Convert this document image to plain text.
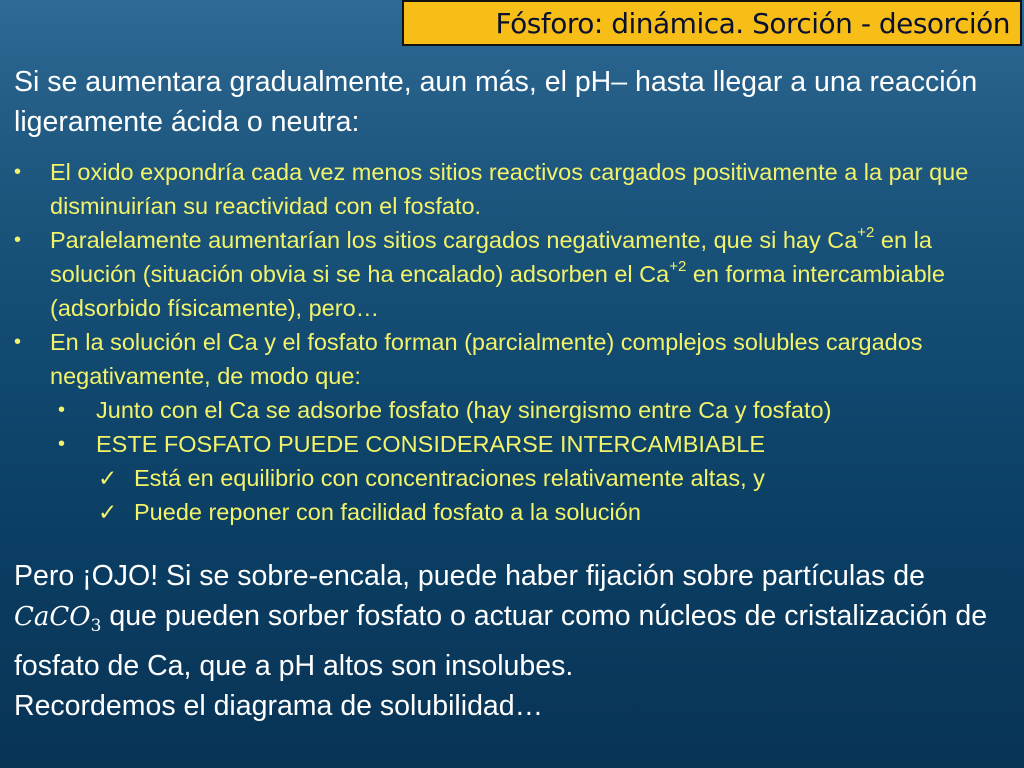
Fósforo: dinámica. Sorción - desorción

Si se aumentara gradualmente, aun más, el pH– hasta llegar a una reacción ligeramente ácida o neutra:

• El oxido expondría cada vez menos sitios reactivos cargados positivamente a la par que disminuirían su reactividad con el fosfato.
• Paralelamente aumentarían los sitios cargados negativamente, que si hay $Ca^{+2}$ en la solución (situación obvia si se ha encalado) adsorben el $Ca^{+2}$ en forma intercambiable (adsorbido físicamente), pero…
• En la solución el Ca y el fosfato forman (parcialmente) complejos solubles cargados negativamente, de modo que:
• Junto con el Ca se adsorbe fosfato (hay sinergismo entre Ca y fosfato)
• ESTE FOSFATO PUEDE CONSIDERARSE INTERCAMBIABLE
✓ Está en equilibrio con concentraciones relativamente altas, y
✓ Puede reponer con facilidad fosfato a la solución
Pero ¡OJO! Si se sobre-encala, puede haber fijación sobre partículas de CaCO$_3$ que pueden sorber fosfato o actuar como núcleos de cristalización de fosfato de Ca, que a pH altos son insolubes.
Recordemos el diagrama de solubilidad…
